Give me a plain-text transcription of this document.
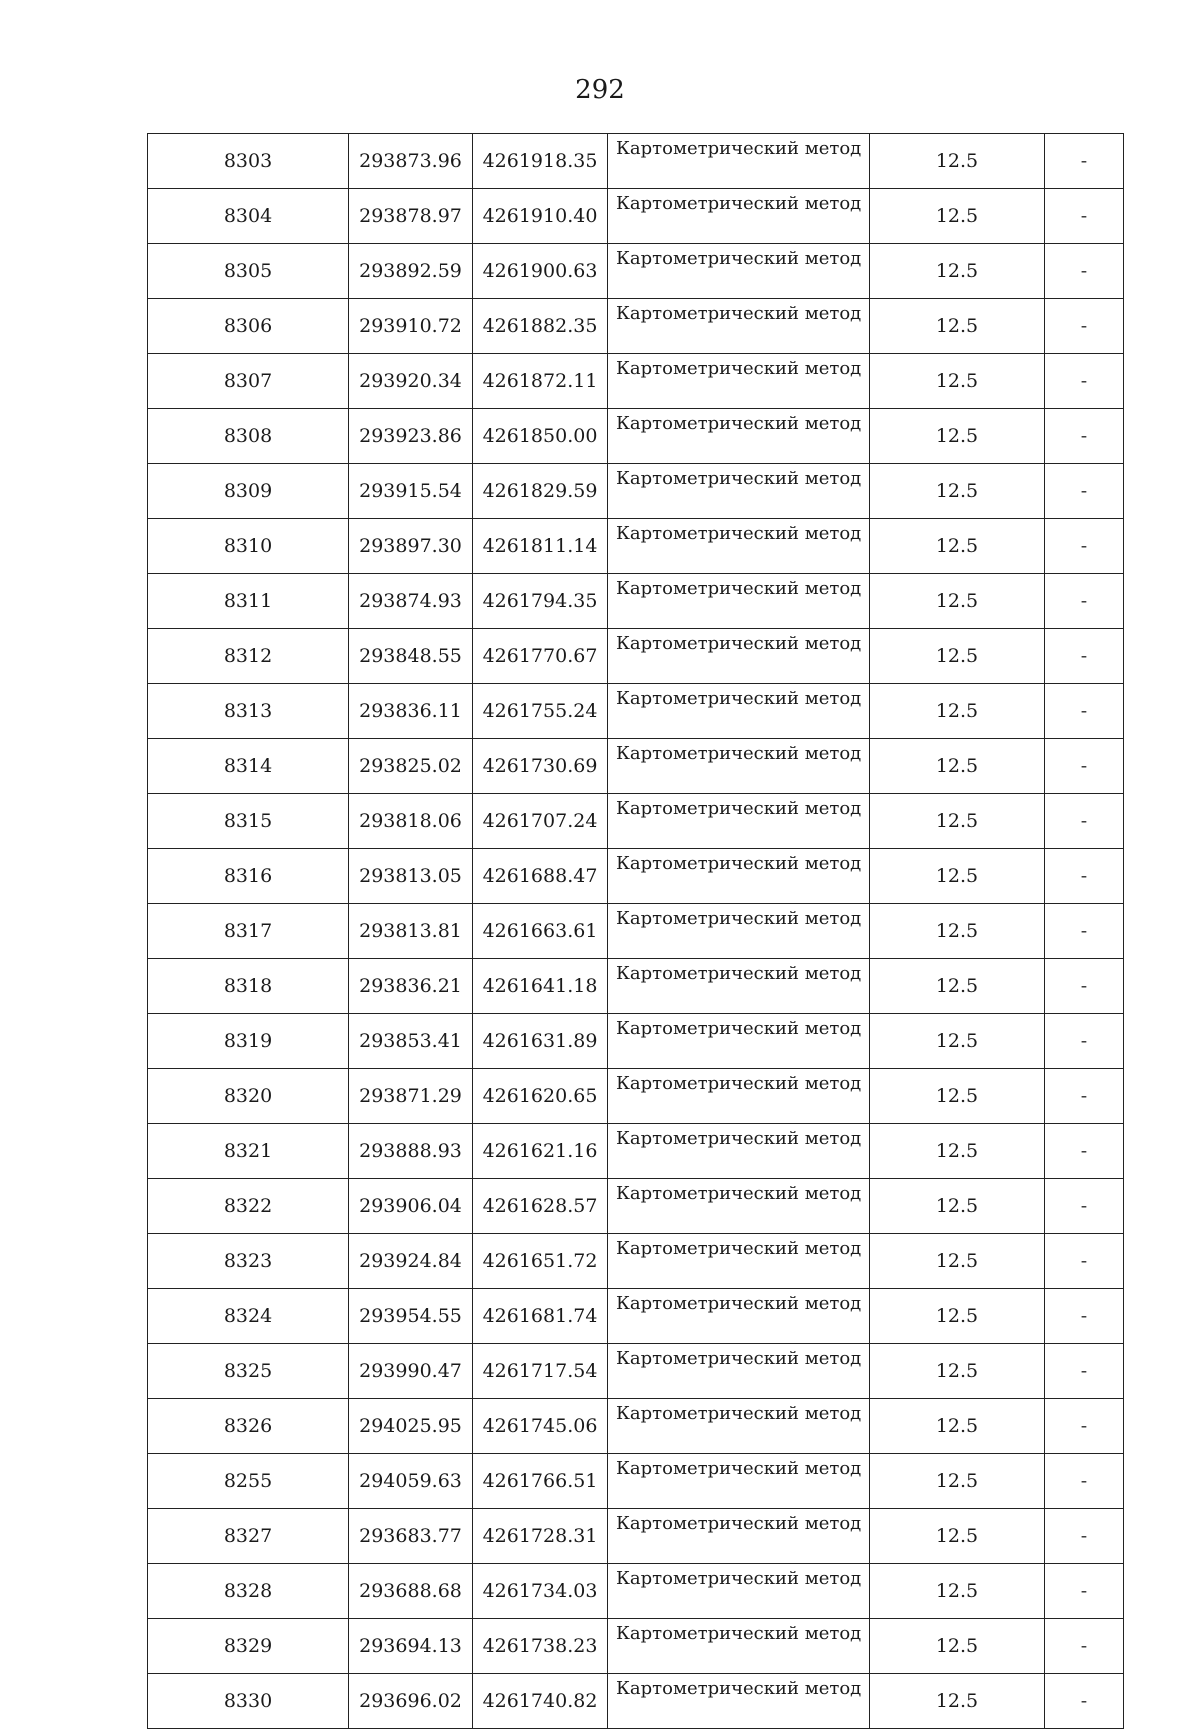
292
8303	293873.96	4261918.35	Картометрический метод	12.5	-
8304	293878.97	4261910.40	Картометрический метод	12.5	-
8305	293892.59	4261900.63	Картометрический метод	12.5	-
8306	293910.72	4261882.35	Картометрический метод	12.5	-
8307	293920.34	4261872.11	Картометрический метод	12.5	-
8308	293923.86	4261850.00	Картометрический метод	12.5	-
8309	293915.54	4261829.59	Картометрический метод	12.5	-
8310	293897.30	4261811.14	Картометрический метод	12.5	-
8311	293874.93	4261794.35	Картометрический метод	12.5	-
8312	293848.55	4261770.67	Картометрический метод	12.5	-
8313	293836.11	4261755.24	Картометрический метод	12.5	-
8314	293825.02	4261730.69	Картометрический метод	12.5	-
8315	293818.06	4261707.24	Картометрический метод	12.5	-
8316	293813.05	4261688.47	Картометрический метод	12.5	-
8317	293813.81	4261663.61	Картометрический метод	12.5	-
8318	293836.21	4261641.18	Картометрический метод	12.5	-
8319	293853.41	4261631.89	Картометрический метод	12.5	-
8320	293871.29	4261620.65	Картометрический метод	12.5	-
8321	293888.93	4261621.16	Картометрический метод	12.5	-
8322	293906.04	4261628.57	Картометрический метод	12.5	-
8323	293924.84	4261651.72	Картометрический метод	12.5	-
8324	293954.55	4261681.74	Картометрический метод	12.5	-
8325	293990.47	4261717.54	Картометрический метод	12.5	-
8326	294025.95	4261745.06	Картометрический метод	12.5	-
8255	294059.63	4261766.51	Картометрический метод	12.5	-
8327	293683.77	4261728.31	Картометрический метод	12.5	-
8328	293688.68	4261734.03	Картометрический метод	12.5	-
8329	293694.13	4261738.23	Картометрический метод	12.5	-
8330	293696.02	4261740.82	Картометрический метод	12.5	-
